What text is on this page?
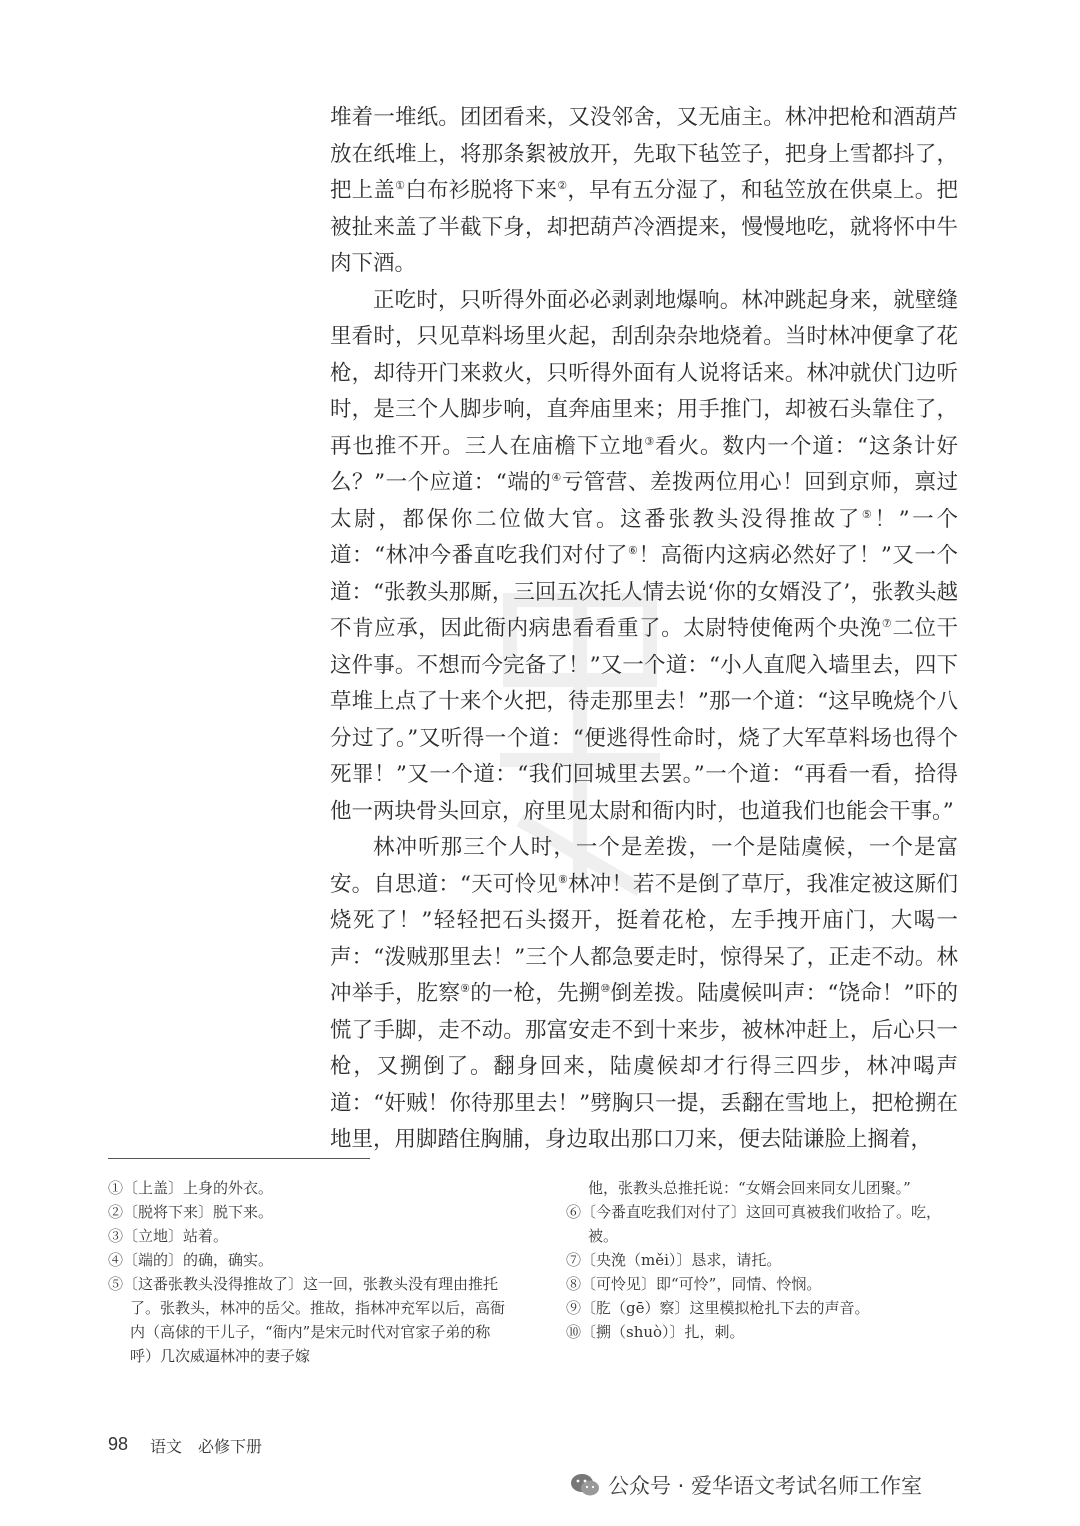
堆着一堆纸。团团看来，又没邻舍，又无庙主。林冲把枪和酒葫芦放在纸堆上，将那条絮被放开，先取下毡笠子，把身上雪都抖了，把上盖①白布衫脱将下来②，早有五分湿了，和毡笠放在供桌上。把被扯来盖了半截下身，却把葫芦冷酒提来，慢慢地吃，就将怀中牛肉下酒。

正吃时，只听得外面必必剥剥地爆响。林冲跳起身来，就壁缝里看时，只见草料场里火起，刮刮杂杂地烧着。当时林冲便拿了花枪，却待开门来救火，只听得外面有人说将话来。林冲就伏门边听时，是三个人脚步响，直奔庙里来；用手推门，却被石头靠住了，再也推不开。三人在庙檐下立地③看火。数内一个道：“这条计好么？”一个应道：“端的④亏管营、差拨两位用心！回到京师，禀过太尉，都保你二位做大官。这番张教头没得推故了⑤！”一个道：“林冲今番直吃我们对付了⑥！高衙内这病必然好了！”又一个道：“张教头那厮，三回五次托人情去说‘你的女婿没了’，张教头越不肯应承，因此衙内病患看看重了。太尉特使俺两个央浼⑦二位干这件事。不想而今完备了！”又一个道：“小人直爬入墙里去，四下草堆上点了十来个火把，待走那里去！”那一个道：“这早晚烧个八分过了。”又听得一个道：“便逃得性命时，烧了大军草料场也得个死罪！”又一个道：“我们回城里去罢。”一个道：“再看一看，拾得他一两块骨头回京，府里见太尉和衙内时，也道我们也能会干事。”

林冲听那三个人时，一个是差拨，一个是陆虞候，一个是富安。自思道：“天可怜见⑧林冲！若不是倒了草厅，我准定被这厮们烧死了！”轻轻把石头掇开，挺着花枪，左手拽开庙门，大喝一声：“泼贼那里去！”三个人都急要走时，惊得呆了，正走不动。林冲举手，肐察⑨的一枪，先搠⑩倒差拨。陆虞候叫声：“饶命！”吓的慌了手脚，走不动。那富安走不到十来步，被林冲赶上，后心只一枪，又搠倒了。翻身回来，陆虞候却才行得三四步，林冲喝声道：“奸贼！你待那里去！”劈胸只一提，丢翻在雪地上，把枪搠在地里，用脚踏住胸脯，身边取出那口刀来，便去陆谦脸上搁着，

①〔上盖〕上身的外衣。
②〔脱将下来〕脱下来。
③〔立地〕站着。
④〔端的〕的确，确实。
⑤〔这番张教头没得推故了〕这一回，张教头没有理由推托了。张教头，林冲的岳父。推故，指林冲充军以后，高衙内（高俅的干儿子，“衙内”是宋元时代对官家子弟的称呼）几次威逼林冲的妻子嫁
他，张教头总推托说：“女婿会回来同女儿团聚。”
⑥〔今番直吃我们对付了〕这回可真被我们收拾了。吃，被。
⑦〔央浼（měi）〕恳求，请托。
⑧〔可怜见〕即“可怜”，同情、怜悯。
⑨〔肐（gē）察〕这里模拟枪扎下去的声音。
⑩〔搠（shuò）〕扎，刺。
98 语文　必修下册
公众号 · 爱华语文考试名师工作室
